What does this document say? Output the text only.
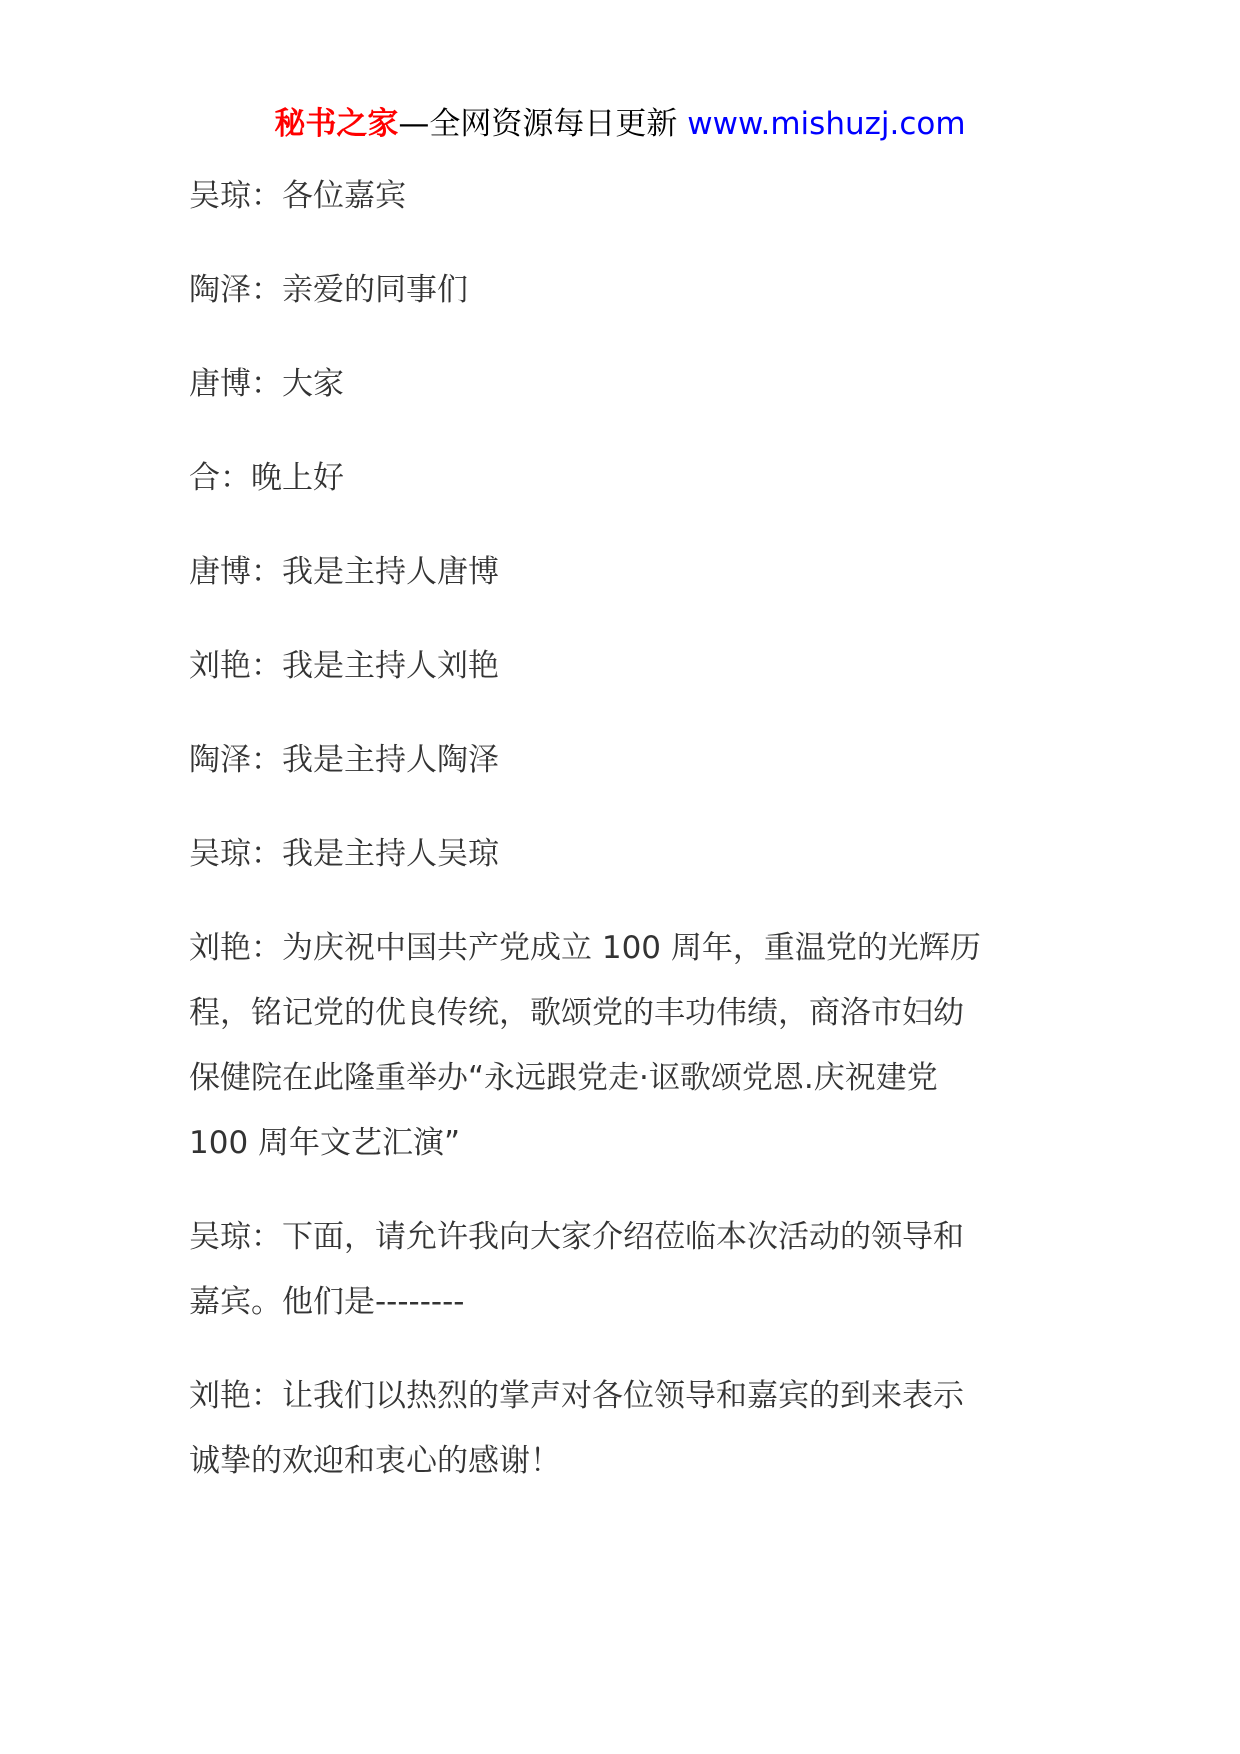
秘书之家—全网资源每日更新 www.mishuzj.com

吴琼：各位嘉宾

陶泽：亲爱的同事们

唐博：大家

合：晚上好

唐博：我是主持人唐博

刘艳：我是主持人刘艳

陶泽：我是主持人陶泽

吴琼：我是主持人吴琼

刘艳：为庆祝中国共产党成立 100 周年，重温党的光辉历
程，铭记党的优良传统，歌颂党的丰功伟绩，商洛市妇幼
保健院在此隆重举办“永远跟党走·讴歌颂党恩.庆祝建党
100 周年文艺汇演”

吴琼：下面，请允许我向大家介绍莅临本次活动的领导和
嘉宾。他们是--------

刘艳：让我们以热烈的掌声对各位领导和嘉宾的到来表示
诚挚的欢迎和衷心的感谢！
